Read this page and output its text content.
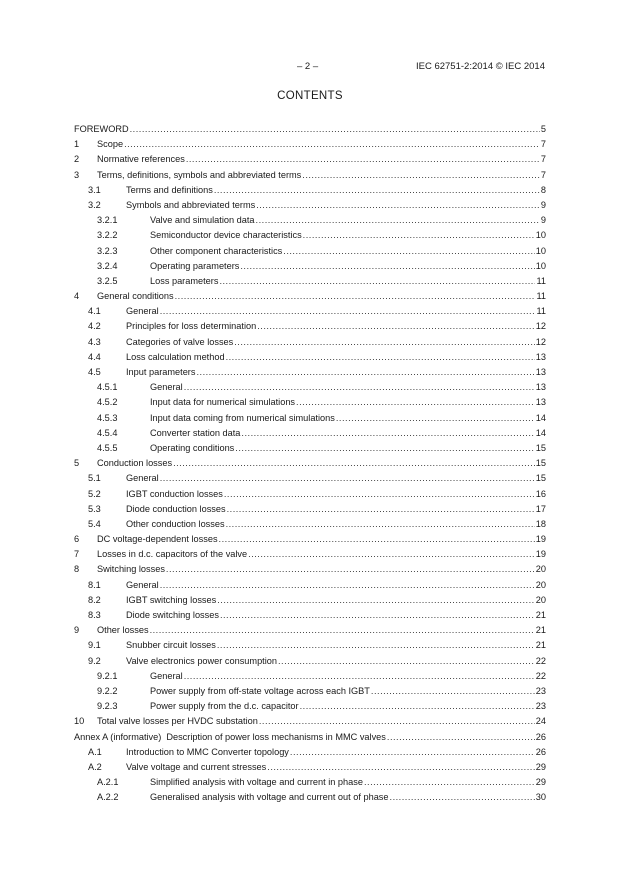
– 2 –	IEC 62751-2:2014 © IEC 2014
CONTENTS
FOREWORD .....	5
1	Scope .....	7
2	Normative references .....	7
3	Terms, definitions, symbols and abbreviated terms .....	7
3.1	Terms and definitions .....	8
3.2	Symbols and abbreviated terms .....	9
3.2.1	Valve and simulation data .....	9
3.2.2	Semiconductor device characteristics .....	10
3.2.3	Other component characteristics .....	10
3.2.4	Operating parameters .....	10
3.2.5	Loss parameters .....	11
4	General conditions .....	11
4.1	General .....	11
4.2	Principles for loss determination .....	12
4.3	Categories of valve losses .....	12
4.4	Loss calculation method .....	13
4.5	Input parameters .....	13
4.5.1	General .....	13
4.5.2	Input data for numerical simulations .....	13
4.5.3	Input data coming from numerical simulations .....	14
4.5.4	Converter station data .....	14
4.5.5	Operating conditions .....	15
5	Conduction losses .....	15
5.1	General .....	15
5.2	IGBT conduction losses .....	16
5.3	Diode conduction losses .....	17
5.4	Other conduction losses .....	18
6	DC voltage-dependent losses .....	19
7	Losses in d.c. capacitors of the valve .....	19
8	Switching losses .....	20
8.1	General .....	20
8.2	IGBT switching losses .....	20
8.3	Diode switching losses .....	21
9	Other losses .....	21
9.1	Snubber circuit losses .....	21
9.2	Valve electronics power consumption .....	22
9.2.1	General .....	22
9.2.2	Power supply from off-state voltage across each IGBT .....	23
9.2.3	Power supply from the d.c. capacitor .....	23
10	Total valve losses per HVDC substation .....	24
Annex A (informative) Description of power loss mechanisms in MMC valves .....	26
A.1	Introduction to MMC Converter topology .....	26
A.2	Valve voltage and current stresses .....	29
A.2.1	Simplified analysis with voltage and current in phase .....	29
A.2.2	Generalised analysis with voltage and current out of phase .....	30
